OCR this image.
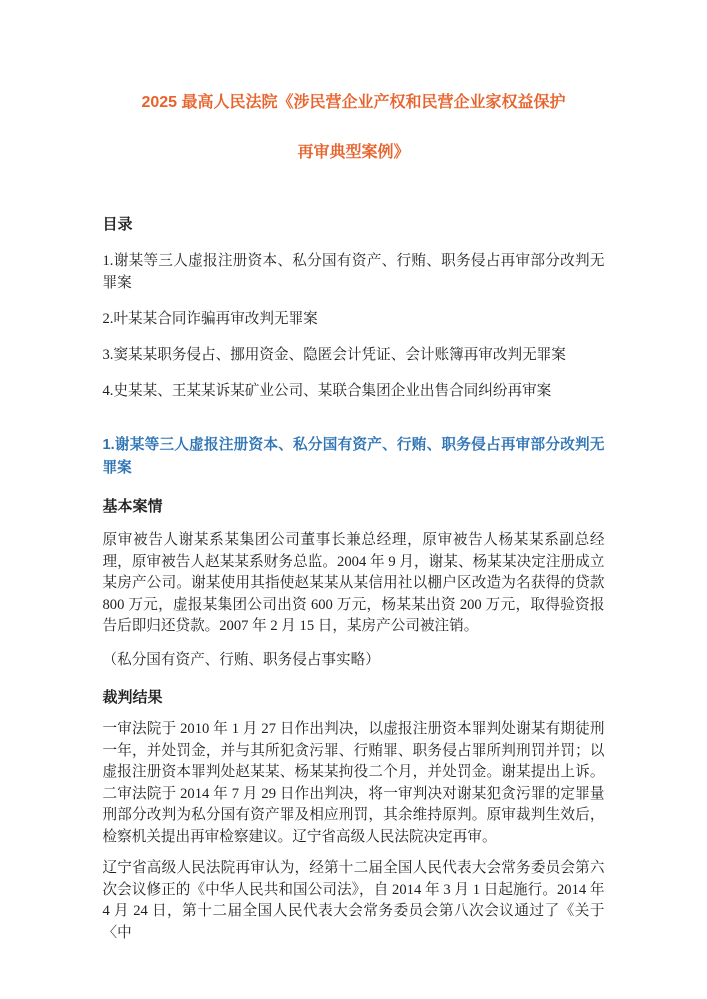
2025 最高人民法院《涉民营企业产权和民营企业家权益保护
再审典型案例》
目录
1.谢某等三人虚报注册资本、私分国有资产、行贿、职务侵占再审部分改判无罪案
2.叶某某合同诈骗再审改判无罪案
3.窦某某职务侵占、挪用资金、隐匿会计凭证、会计账簿再审改判无罪案
4.史某某、王某某诉某矿业公司、某联合集团企业出售合同纠纷再审案
1.谢某等三人虚报注册资本、私分国有资产、行贿、职务侵占再审部分改判无罪案
基本案情

原审被告人谢某系某集团公司董事长兼总经理，原审被告人杨某某系副总经理，原审被告人赵某某系财务总监。2004 年 9 月，谢某、杨某某决定注册成立某房产公司。谢某使用其指使赵某某从某信用社以棚户区改造为名获得的贷款 800 万元，虚报某集团公司出资 600 万元，杨某某出资 200 万元，取得验资报告后即归还贷款。2007 年 2 月 15 日，某房产公司被注销。

（私分国有资产、行贿、职务侵占事实略）

裁判结果

一审法院于 2010 年 1 月 27 日作出判决，以虚报注册资本罪判处谢某有期徒刑一年，并处罚金，并与其所犯贪污罪、行贿罪、职务侵占罪所判刑罚并罚；以虚报注册资本罪判处赵某某、杨某某拘役二个月，并处罚金。谢某提出上诉。二审法院于 2014 年 7 月 29 日作出判决，将一审判决对谢某犯贪污罪的定罪量刑部分改判为私分国有资产罪及相应刑罚，其余维持原判。原审裁判生效后，检察机关提出再审检察建议。辽宁省高级人民法院决定再审。

辽宁省高级人民法院再审认为，经第十二届全国人民代表大会常务委员会第六次会议修正的《中华人民共和国公司法》，自 2014 年 3 月 1 日起施行。2014 年 4 月 24 日，第十二届全国人民代表大会常务委员会第八次会议通过了《关于〈中
